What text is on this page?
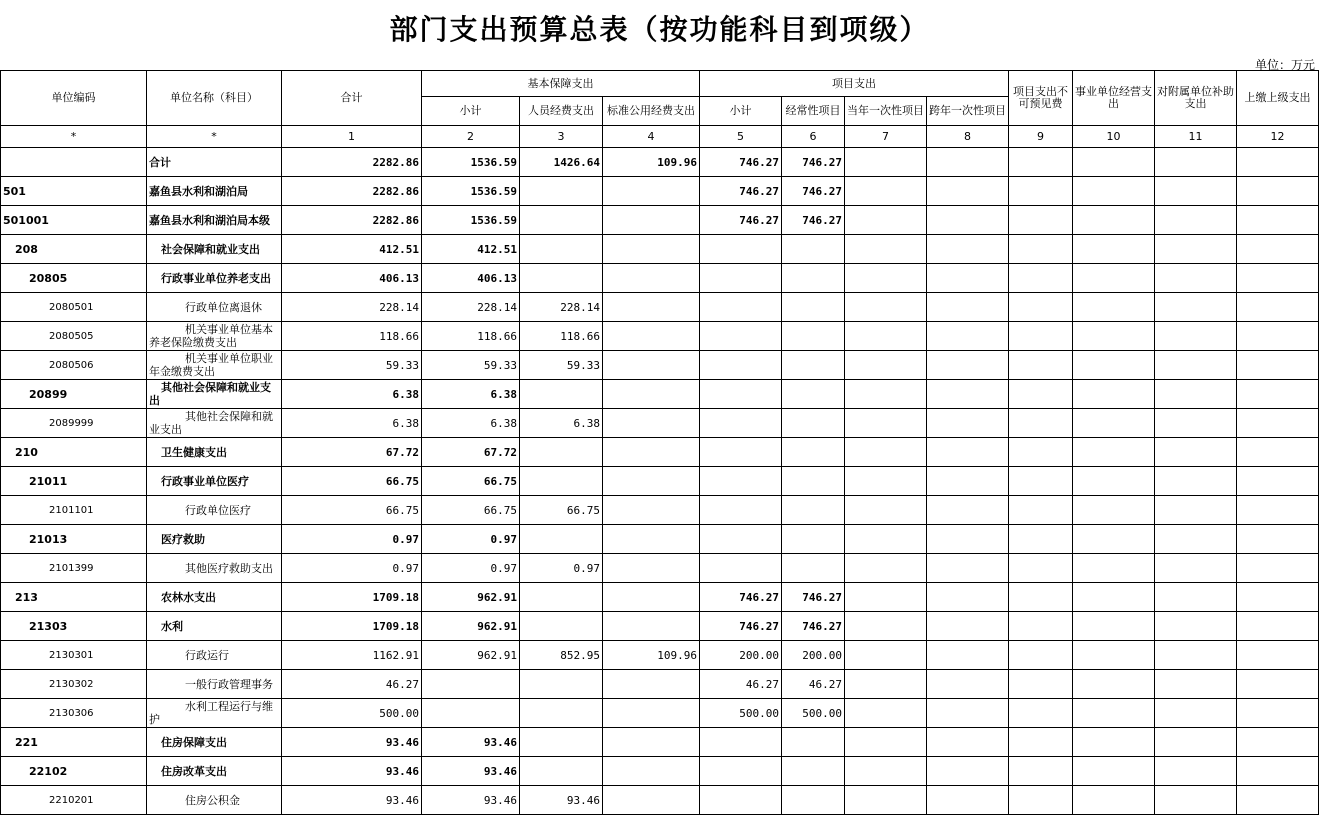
部门支出预算总表（按功能科目到项级）
单位：万元
单位编码	单位名称（科目）	合计	基本保障支出			项目支出				项目支出不可预见费	事业单位经营支出	对附属单位补助支出	上缴上级支出
			小计	人员经费支出	标准公用经费支出	小计	经常性项目	当年一次性项目	跨年一次性项目				
*	*	1	2	3	4	5	6	7	8	9	10	11	12
	合计	2282.86	1536.59	1426.64	109.96	746.27	746.27						
501	嘉鱼县水利和湖泊局	2282.86	1536.59			746.27	746.27						
501001	嘉鱼县水利和湖泊局本级	2282.86	1536.59			746.27	746.27						
208	社会保障和就业支出	412.51	412.51										
20805	行政事业单位养老支出	406.13	406.13										
2080501	行政单位离退休	228.14	228.14	228.14									
2080505	机关事业单位基本养老保险缴费支出	118.66	118.66	118.66									
2080506	机关事业单位职业年金缴费支出	59.33	59.33	59.33									
20899	其他社会保障和就业支出	6.38	6.38										
2089999	其他社会保障和就业支出	6.38	6.38	6.38									
210	卫生健康支出	67.72	67.72										
21011	行政事业单位医疗	66.75	66.75										
2101101	行政单位医疗	66.75	66.75	66.75									
21013	医疗救助	0.97	0.97										
2101399	其他医疗救助支出	0.97	0.97	0.97									
213	农林水支出	1709.18	962.91			746.27	746.27						
21303	水利	1709.18	962.91			746.27	746.27						
2130301	行政运行	1162.91	962.91	852.95	109.96	200.00	200.00						
2130302	一般行政管理事务	46.27				46.27	46.27						
2130306	水利工程运行与维护	500.00				500.00	500.00						
221	住房保障支出	93.46	93.46										
22102	住房改革支出	93.46	93.46										
2210201	住房公积金	93.46	93.46	93.46									
